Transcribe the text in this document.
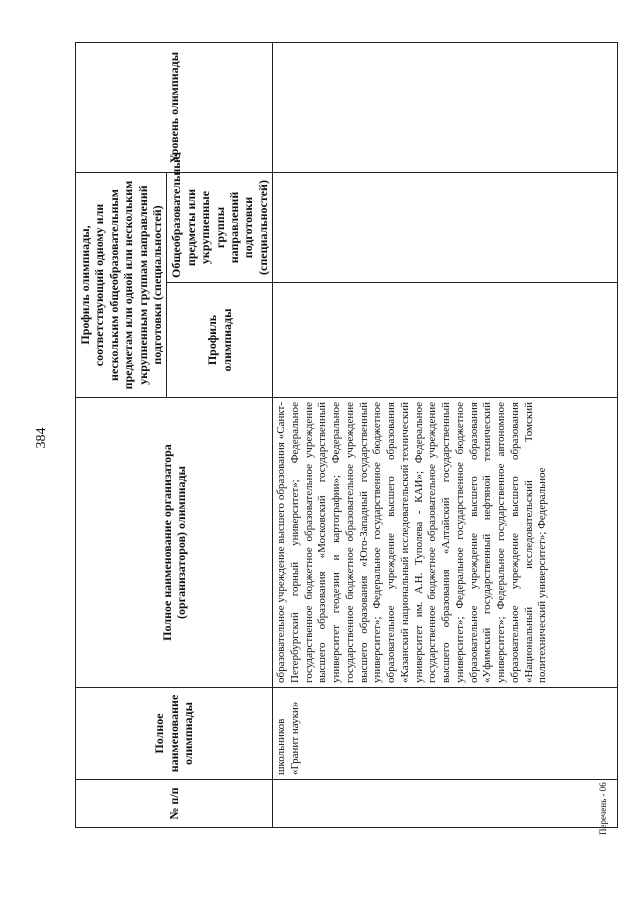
384
№ п/п	Полное наименование олимпиады	Полное наименование организатора (организаторов) олимпиады	Профиль олимпиады, соответствующий одному или нескольким общеобразовательным предметам или одной или нескольким укрупненным группам направлений подготовки (специальностей)		Уровень олимпиады
			Профиль олимпиады	Общеобразовательные предметы или укрупненные группы направлений подготовки (специальностей)	
	школьников «Гранит науки»	образовательное учреждение высшего образования «Санкт-Петербургский горный университет»; Федеральное государственное бюджетное образовательное учреждение высшего образования «Московский государственный университет геодезии и картографии»; Федеральное государственное бюджетное образовательное учреждение высшего образования «Юго-Западный государственный университет»; Федеральное государственное бюджетное образовательное учреждение высшего образования «Казанский национальный исследовательский технический университет им. А.Н. Туполева - КАИ»; Федеральное государственное бюджетное образовательное учреждение высшего образования «Алтайский государственный университет»; Федеральное государственное бюджетное образовательное учреждение высшего образования «Уфимский государственный нефтяной технический университет»; Федеральное государственное автономное образовательное учреждение высшего образования «Национальный исследовательский Томский политехнический университет»; Федеральное			
Перечень - 06
